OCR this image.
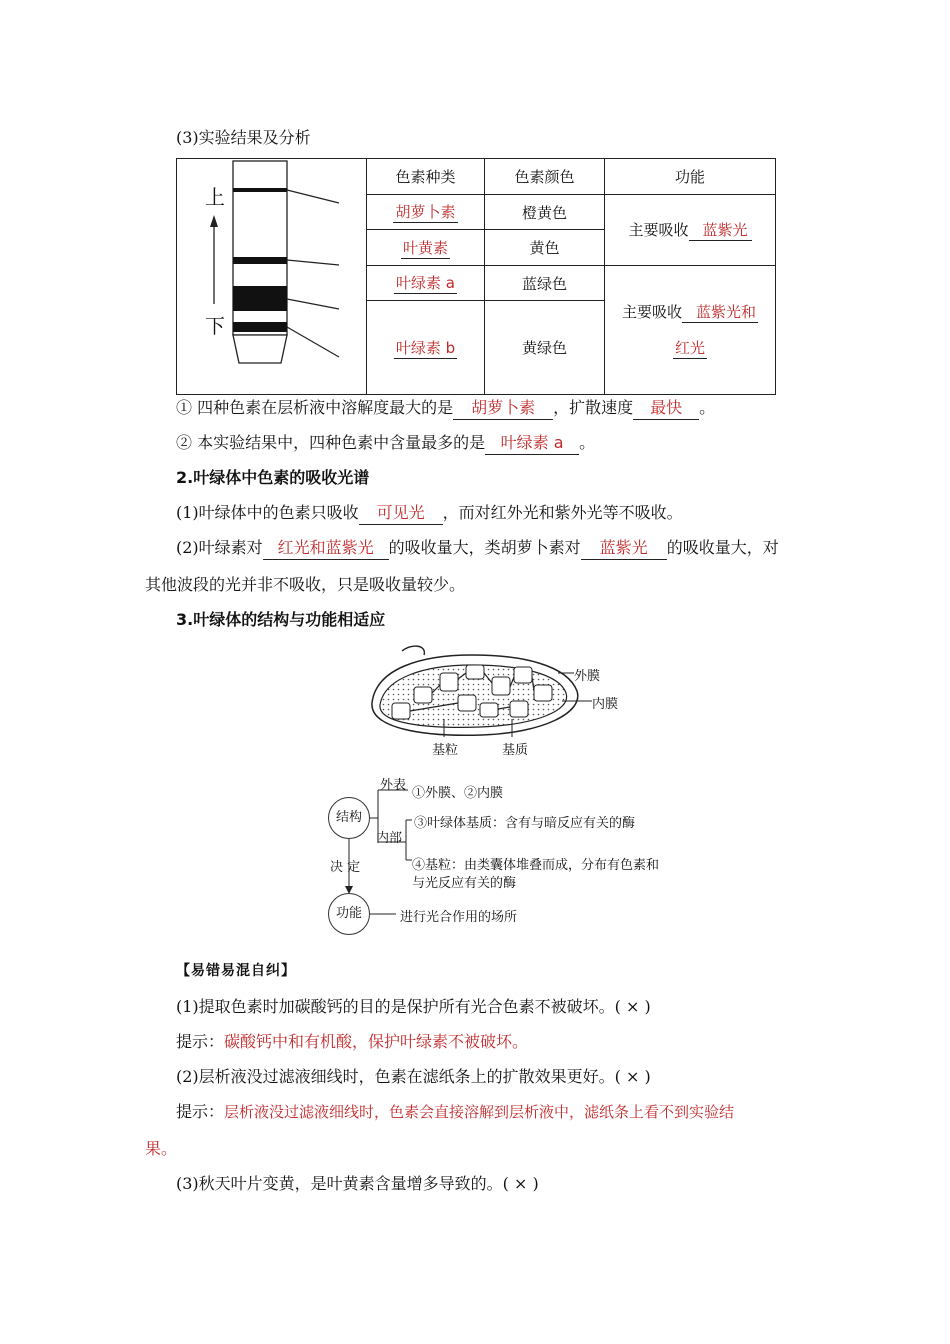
(3)实验结果及分析
上
下	色素种类	色素颜色	功能
	胡萝卜素	橙黄色	主要吸收 蓝紫光
	叶黄素	黄色	
	叶绿素 a	蓝绿色	主要吸收 蓝紫光和
红光
	叶绿素 b	黄绿色	

① 四种色素在层析液中溶解度最大的是 胡萝卜素 ，扩散速度 最快 。
② 本实验结果中，四种色素中含量最多的是 叶绿素 a 。
2.叶绿体中色素的吸收光谱
(1)叶绿体中的色素只吸收 可见光 ，而对红外光和紫外光等不吸收。
(2)叶绿素对 红光和蓝紫光 的吸收量大，类胡萝卜素对 蓝紫光 的吸收量大，对
其他波段的光并非不吸收，只是吸收量较少。
3.叶绿体的结构与功能相适应
外膜
内膜
基粒	基质
结构
功能
决 定
外表
内部
①外膜、②内膜
③叶绿体基质：含有与暗反应有关的酶
④基粒：由类囊体堆叠而成，分布有色素和
与光反应有关的酶
进行光合作用的场所
【易错易混自纠】
(1)提取色素时加碳酸钙的目的是保护所有光合色素不被破坏。( × )
提示：碳酸钙中和有机酸，保护叶绿素不被破坏。
(2)层析液没过滤液细线时，色素在滤纸条上的扩散效果更好。( × )
提示：层析液没过滤液细线时，色素会直接溶解到层析液中，滤纸条上看不到实验结
果。
(3)秋天叶片变黄，是叶黄素含量增多导致的。( × )
